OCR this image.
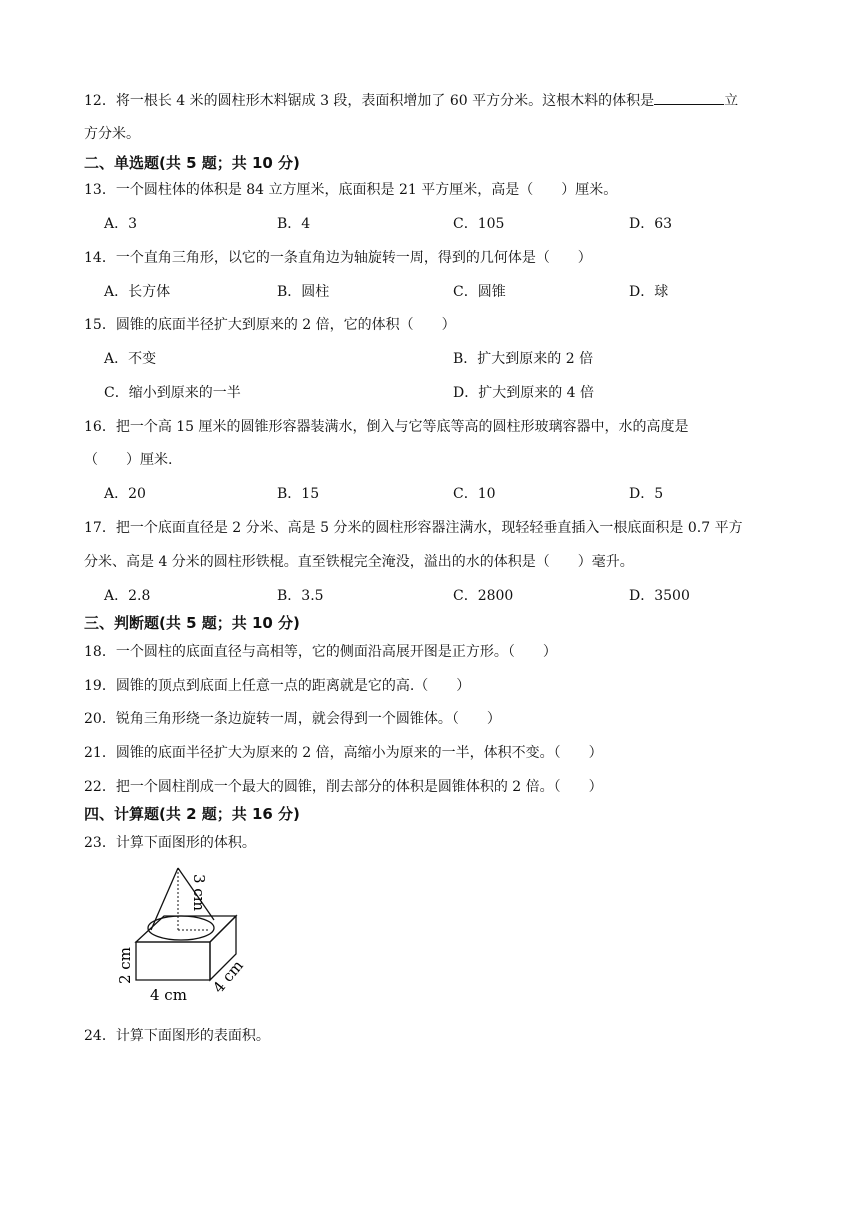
12．将一根长 4 米的圆柱形木料锯成 3 段，表面积增加了 60 平方分米。这根木料的体积是	立
方分米。
二、单选题(共 5 题；共 10 分)
13．一个圆柱体的体积是 84 立方厘米，底面积是 21 平方厘米，高是（　　）厘米。
A．3	B．4	C．105	D．63
14．一个直角三角形，以它的一条直角边为轴旋转一周，得到的几何体是（　　）
A．长方体	B．圆柱	C．圆锥	D．球
15．圆锥的底面半径扩大到原来的 2 倍，它的体积（　　）
A．不变	B．扩大到原来的 2 倍
C．缩小到原来的一半	D．扩大到原来的 4 倍
16．把一个高 15 厘米的圆锥形容器装满水，倒入与它等底等高的圆柱形玻璃容器中，水的高度是
（　　）厘米.
A．20	B．15	C．10	D．5
17．把一个底面直径是 2 分米、高是 5 分米的圆柱形容器注满水，现轻轻垂直插入一根底面积是 0.7 平方
分米、高是 4 分米的圆柱形铁棍。直至铁棍完全淹没，溢出的水的体积是（　　）毫升。
A．2.8	B．3.5	C．2800	D．3500
三、判断题(共 5 题；共 10 分)
18．一个圆柱的底面直径与高相等，它的侧面沿高展开图是正方形。（　　）
19．圆锥的顶点到底面上任意一点的距离就是它的高.（　　）
20．锐角三角形绕一条边旋转一周，就会得到一个圆锥体。（　　）
21．圆锥的底面半径扩大为原来的 2 倍，高缩小为原来的一半，体积不变。（　　）
22．把一个圆柱削成一个最大的圆锥，削去部分的体积是圆锥体积的 2 倍。（　　）
四、计算题(共 2 题；共 16 分)
23．计算下面图形的体积。
3 cm
2 cm
4 cm 4 cm
24．计算下面图形的表面积。
